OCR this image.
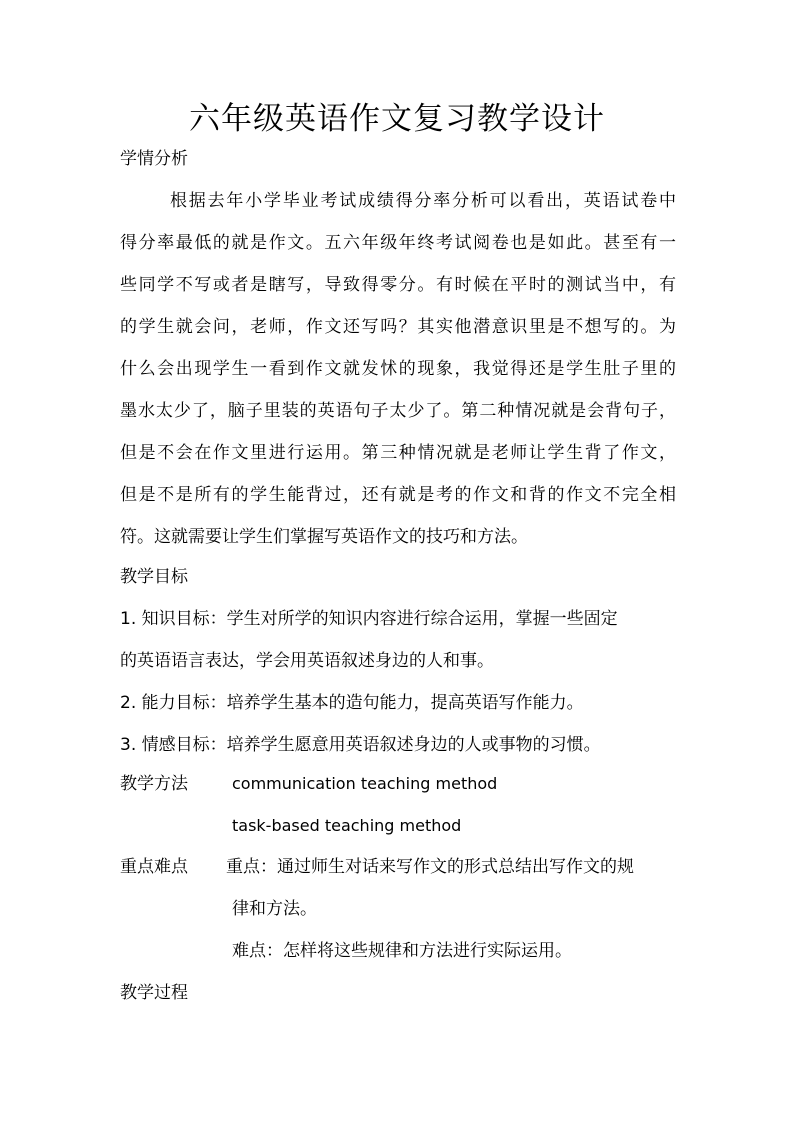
六年级英语作文复习教学设计
学情分析
根据去年小学毕业考试成绩得分率分析可以看出，英语试卷中
得分率最低的就是作文。五六年级年终考试阅卷也是如此。甚至有一
些同学不写或者是瞎写，导致得零分。有时候在平时的测试当中，有
的学生就会问，老师，作文还写吗？其实他潜意识里是不想写的。为
什么会出现学生一看到作文就发怵的现象，我觉得还是学生肚子里的
墨水太少了，脑子里装的英语句子太少了。第二种情况就是会背句子，
但是不会在作文里进行运用。第三种情况就是老师让学生背了作文，
但是不是所有的学生能背过，还有就是考的作文和背的作文不完全相
符。这就需要让学生们掌握写英语作文的技巧和方法。
教学目标
1. 知识目标：学生对所学的知识内容进行综合运用，掌握一些固定
的英语语言表达，学会用英语叙述身边的人和事。
2. 能力目标：培养学生基本的造句能力，提高英语写作能力。
3. 情感目标：培养学生愿意用英语叙述身边的人或事物的习惯。
教学方法	communication teaching method
task-based teaching method
重点难点 重点：通过师生对话来写作文的形式总结出写作文的规
律和方法。
难点：怎样将这些规律和方法进行实际运用。
教学过程
